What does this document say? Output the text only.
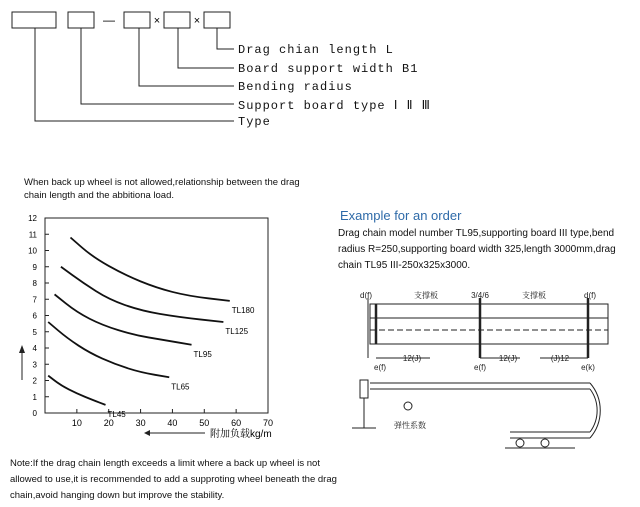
—	×	×
Drag chian length L
Board support width B1
Bending radius
Support board type Ⅰ Ⅱ Ⅲ
Type
When back up wheel is not allowed,relationship between the drag chain length and the abbitiona load.
0
1
2
3
4
5
6
7
8
9
10
11
12
10 20 30 40 50 60 70
TL180
TL125
TL95
TL65
TL45
附加负载kg/m
Example for an order
Drag chain model number TL95,supporting board III type,bend radius R=250,supporting board width 325,length 3000mm,drag chain TL95 III-250x325x3000.
d(f)	支撑板	3/4/6	支撑板	d(f)
e(f)
12(J)
e(f)
12(J)	(J)12
e(k)
弹性系数
Note:If the drag chain length exceeds a limit where a back up wheel is not allowed to use,it is recommended to add a supproting wheel beneath the drag chain,avoid hanging down but improve the stability.
